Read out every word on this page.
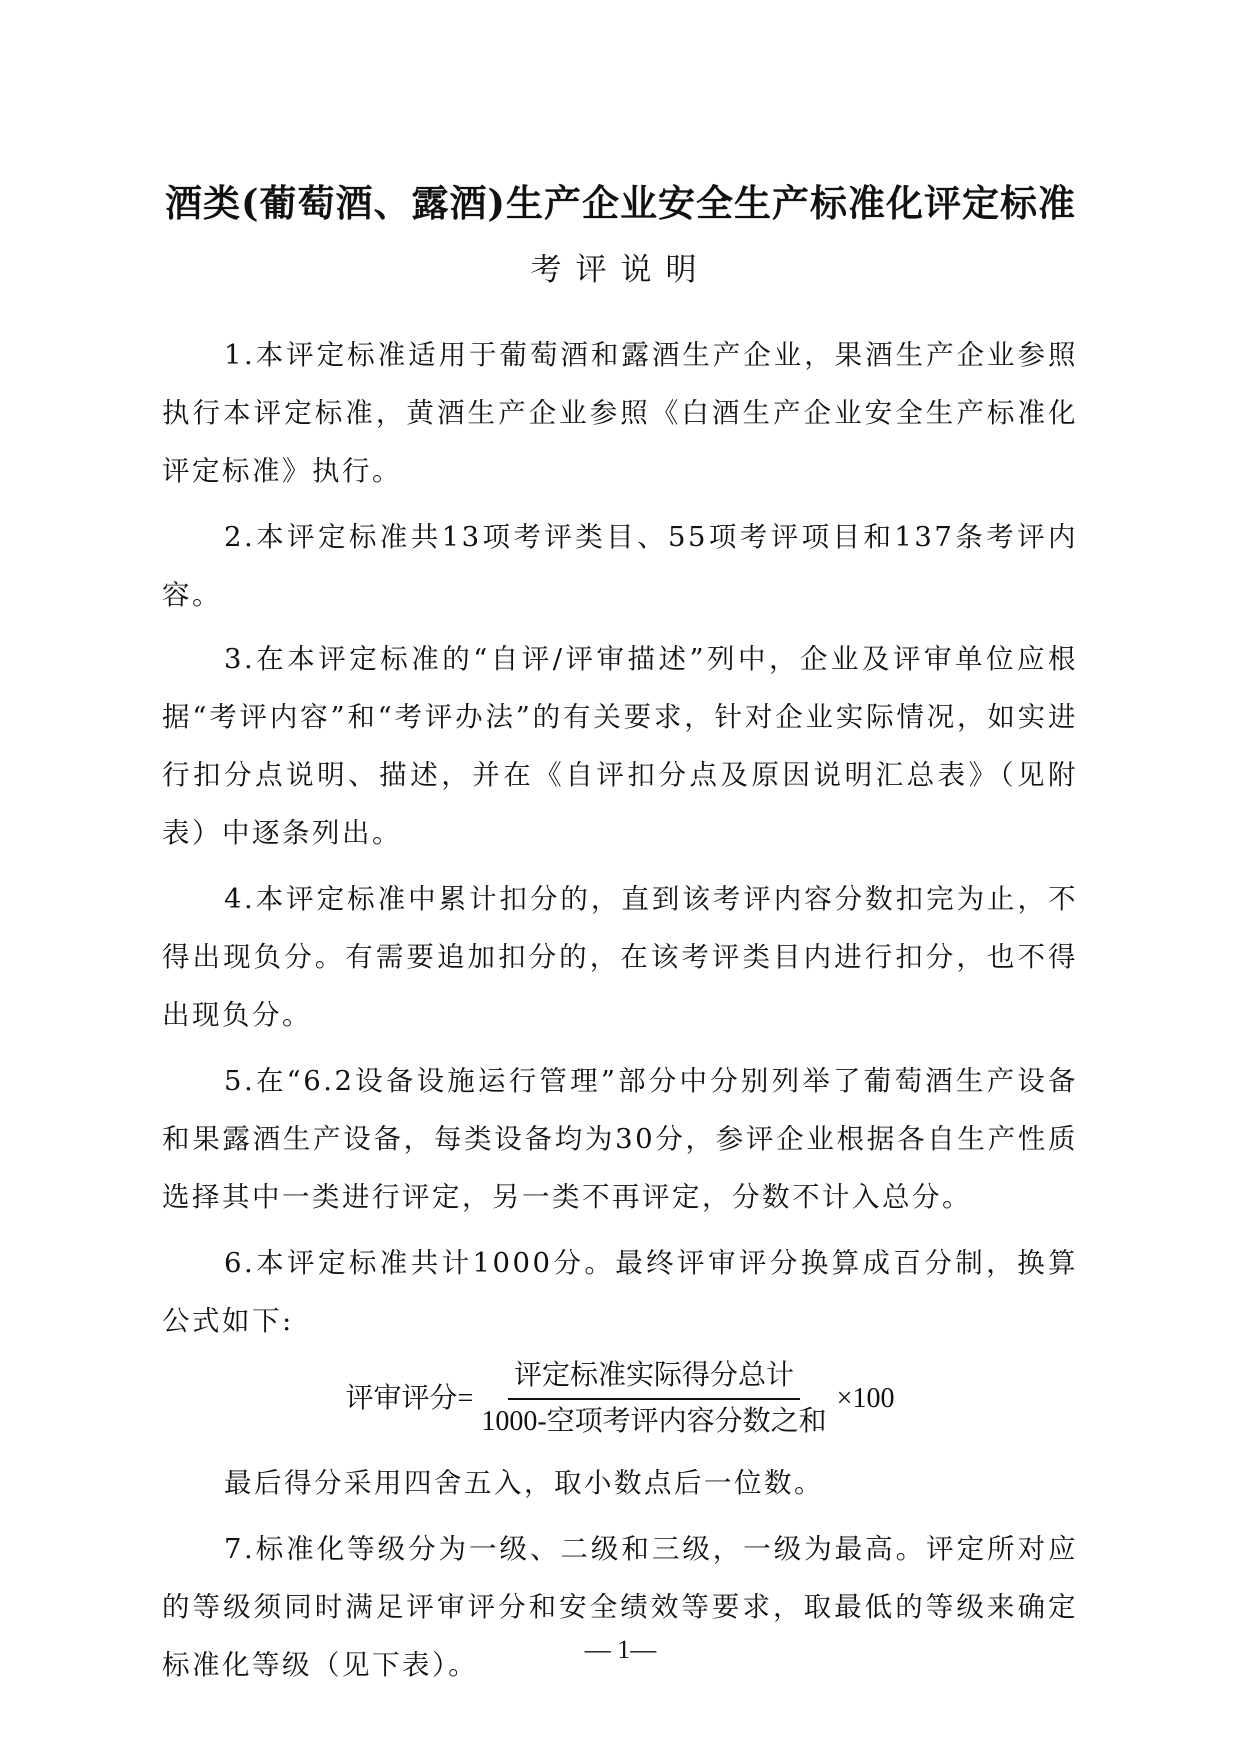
酒类(葡萄酒、露酒)生产企业安全生产标准化评定标准
考评说明

1.本评定标准适用于葡萄酒和露酒生产企业，果酒生产企业参照执行本评定标准，黄酒生产企业参照《白酒生产企业安全生产标准化评定标准》执行。

2.本评定标准共13项考评类目、55项考评项目和137条考评内容。

3.在本评定标准的“自评/评审描述”列中，企业及评审单位应根据“考评内容”和“考评办法”的有关要求，针对企业实际情况，如实进行扣分点说明、描述，并在《自评扣分点及原因说明汇总表》（见附表）中逐条列出。

4.本评定标准中累计扣分的，直到该考评内容分数扣完为止，不得出现负分。有需要追加扣分的，在该考评类目内进行扣分，也不得出现负分。

5.在“6.2设备设施运行管理”部分中分别列举了葡萄酒生产设备和果露酒生产设备，每类设备均为30分，参评企业根据各自生产性质选择其中一类进行评定，另一类不再评定，分数不计入总分。

6.本评定标准共计1000分。最终评审评分换算成百分制，换算公式如下:

评审评分= $\frac{\text{评定标准实际得分总计}}{\text{1000-空项考评内容分数之和}} \times 100$

最后得分采用四舍五入，取小数点后一位数。

7.标准化等级分为一级、二级和三级，一级为最高。评定所对应的等级须同时满足评审评分和安全绩效等要求，取最低的等级来确定标准化等级（见下表）。	— 1—
